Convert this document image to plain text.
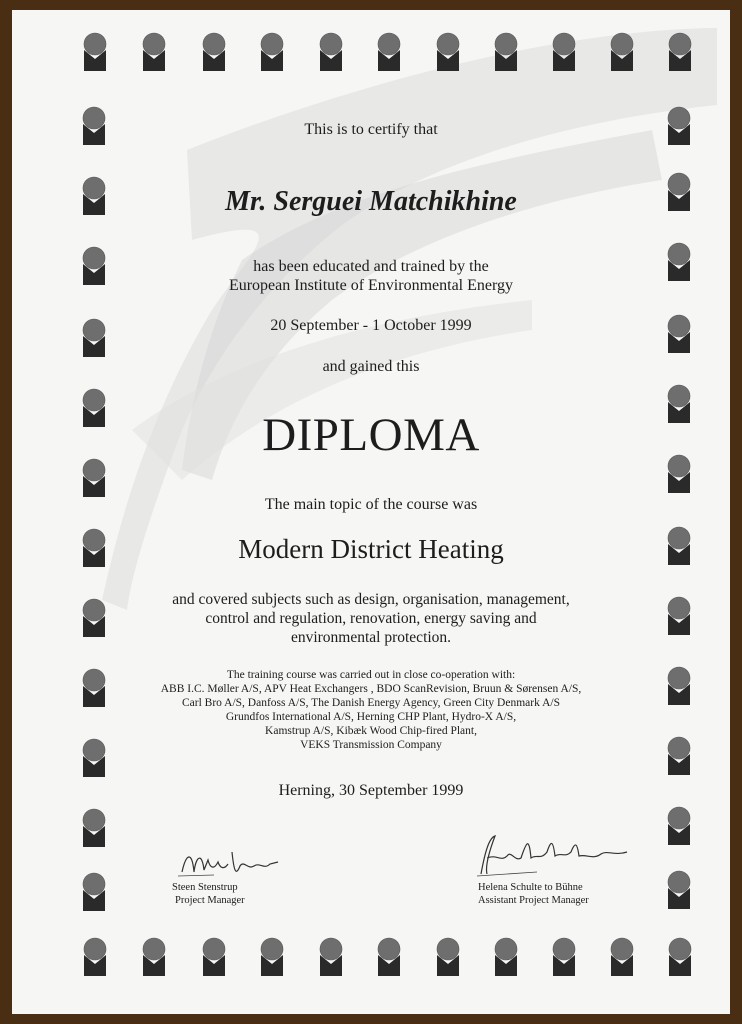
This is to certify that
Mr. Serguei Matchikhine
has been educated and trained by the
European Institute of Environmental Energy
20 September - 1 October 1999
and gained this
DIPLOMA
The main topic of the course was
Modern District Heating
and covered subjects such as design, organisation, management,
control and regulation, renovation, energy saving and
environmental protection.
The training course was carried out in close co-operation with:
ABB I.C. Møller A/S, APV Heat Exchangers , BDO ScanRevision, Bruun & Sørensen A/S,
Carl Bro A/S, Danfoss A/S, The Danish Energy Agency, Green City Denmark A/S
Grundfos International A/S, Herning CHP Plant, Hydro-X A/S,
Kamstrup A/S, Kibæk Wood Chip-fired Plant,
VEKS Transmission Company
Herning, 30 September 1999
Steen Stenstrup
Project Manager
Helena Schulte to Bühne
Assistant Project Manager
